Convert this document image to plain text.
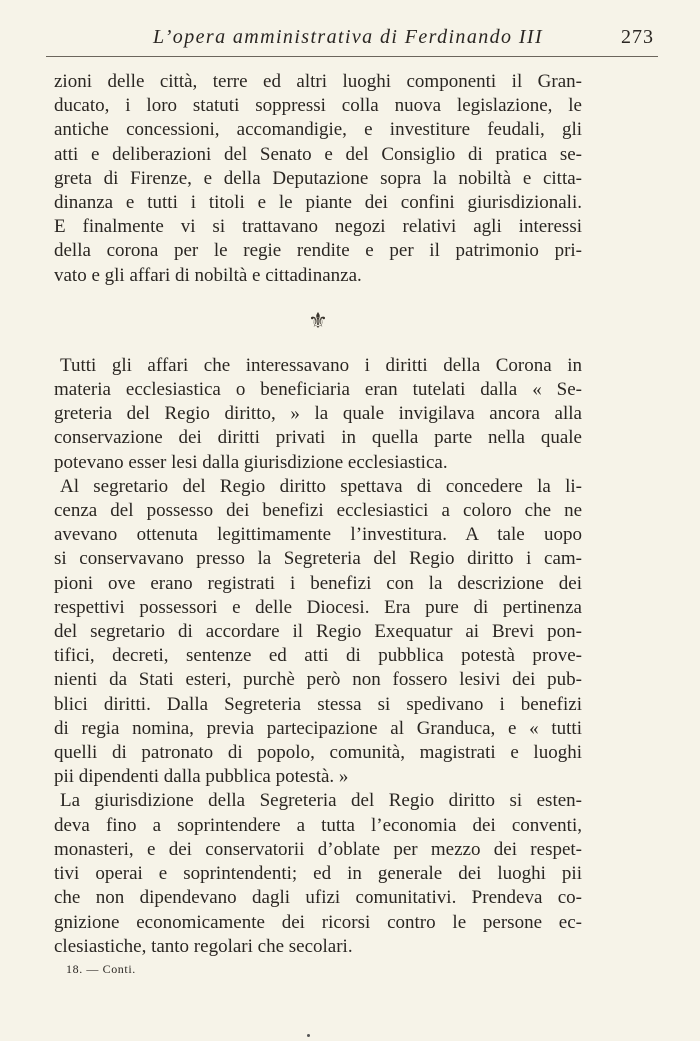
L’opera amministrativa di Ferdinando III	273

zioni delle città, terre ed altri luoghi componenti il Gran-
ducato, i loro statuti soppressi colla nuova legislazione, le
antiche concessioni, accomandigie, e investiture feudali, gli
atti e deliberazioni del Senato e del Consiglio di pratica se-
greta di Firenze, e della Deputazione sopra la nobiltà e citta-
dinanza e tutti i titoli e le piante dei confini giurisdizionali.
E finalmente vi si trattavano negozi relativi agli interessi
della corona per le regie rendite e per il patrimonio pri-
vato e gli affari di nobiltà e cittadinanza.

⚜

Tutti gli affari che interessavano i diritti della Corona in
materia ecclesiastica o beneficiaria eran tutelati dalla « Se-
greteria del Regio diritto, » la quale invigilava ancora alla
conservazione dei diritti privati in quella parte nella quale
potevano esser lesi dalla giurisdizione ecclesiastica.

Al segretario del Regio diritto spettava di concedere la li-
cenza del possesso dei benefizi ecclesiastici a coloro che ne
avevano ottenuta legittimamente l’investitura. A tale uopo
si conservavano presso la Segreteria del Regio diritto i cam-
pioni ove erano registrati i benefizi con la descrizione dei
respettivi possessori e delle Diocesi. Era pure di pertinenza
del segretario di accordare il Regio Exequatur ai Brevi pon-
tifici, decreti, sentenze ed atti di pubblica potestà prove-
nienti da Stati esteri, purchè però non fossero lesivi dei pub-
blici diritti. Dalla Segreteria stessa si spedivano i benefizi
di regia nomina, previa partecipazione al Granduca, e « tutti
quelli di patronato di popolo, comunità, magistrati e luoghi
pii dipendenti dalla pubblica potestà. »

La giurisdizione della Segreteria del Regio diritto si esten-
deva fino a soprintendere a tutta l’economia dei conventi,
monasteri, e dei conservatorii d’oblate per mezzo dei respet-
tivi operai e soprintendenti; ed in generale dei luoghi pii
che non dipendevano dagli ufizi comunitativi. Prendeva co-
gnizione economicamente dei ricorsi contro le persone ec-
clesiastiche, tanto regolari che secolari.

18. — Conti.
